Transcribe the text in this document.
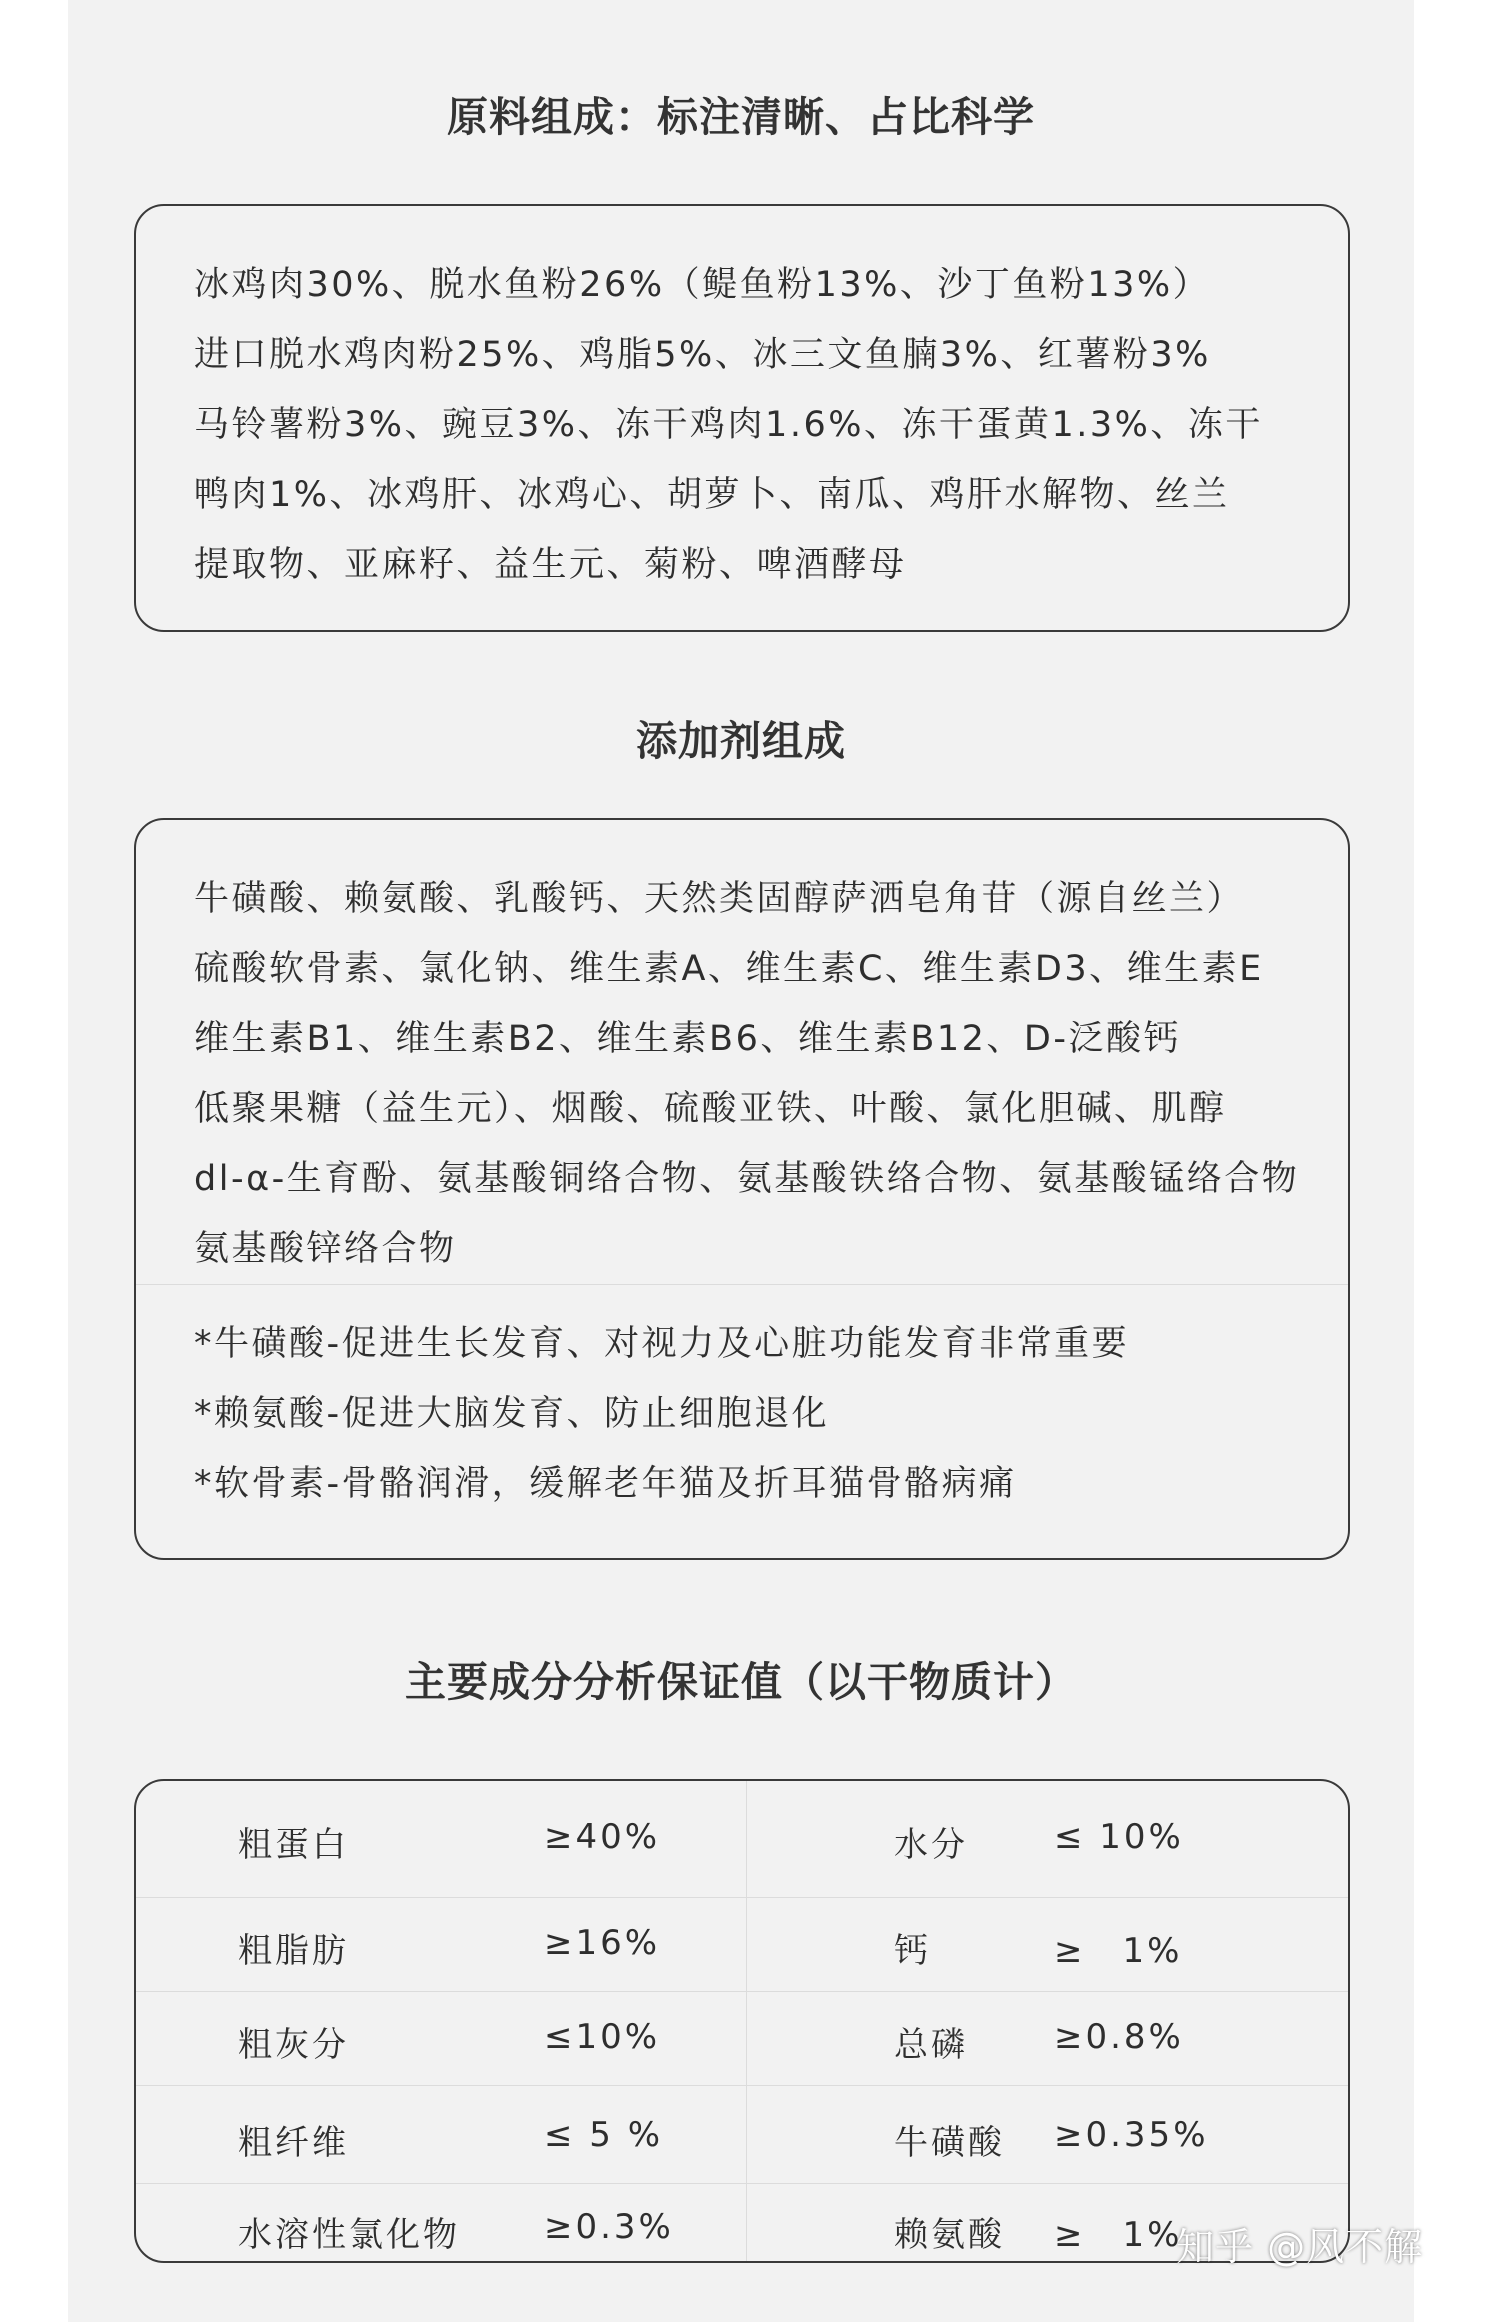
原料组成：标注清晰、占比科学
冰鸡肉30%、脱水鱼粉26%（鳀鱼粉13%、沙丁鱼粉13%）
进口脱水鸡肉粉25%、鸡脂5%、冰三文鱼腩3%、红薯粉3%
马铃薯粉3%、豌豆3%、冻干鸡肉1.6%、冻干蛋黄1.3%、冻干
鸭肉1%、冰鸡肝、冰鸡心、胡萝卜、南瓜、鸡肝水解物、丝兰
提取物、亚麻籽、益生元、菊粉、啤酒酵母
添加剂组成
牛磺酸、赖氨酸、乳酸钙、天然类固醇萨洒皂角苷（源自丝兰）
硫酸软骨素、氯化钠、维生素A、维生素C、维生素D3、维生素E
维生素B1、维生素B2、维生素B6、维生素B12、D-泛酸钙
低聚果糖（益生元）、烟酸、硫酸亚铁、叶酸、氯化胆碱、肌醇
dl-α-生育酚、氨基酸铜络合物、氨基酸铁络合物、氨基酸锰络合物
氨基酸锌络合物
*牛磺酸-促进生长发育、对视力及心脏功能发育非常重要
*赖氨酸-促进大脑发育、防止细胞退化
*软骨素-骨骼润滑，缓解老年猫及折耳猫骨骼病痛
主要成分分析保证值（以干物质计）
粗蛋白	≥40%	水分	≤ 10%
粗脂肪	≥16%	钙	≥　1%
粗灰分	≤10%	总磷	≥0.8%
粗纤维	≤ 5 %	牛磺酸 ≥0.35%
水溶性氯化物 ≥0.3%	赖氨酸 ≥　1%
知乎 @风不解
